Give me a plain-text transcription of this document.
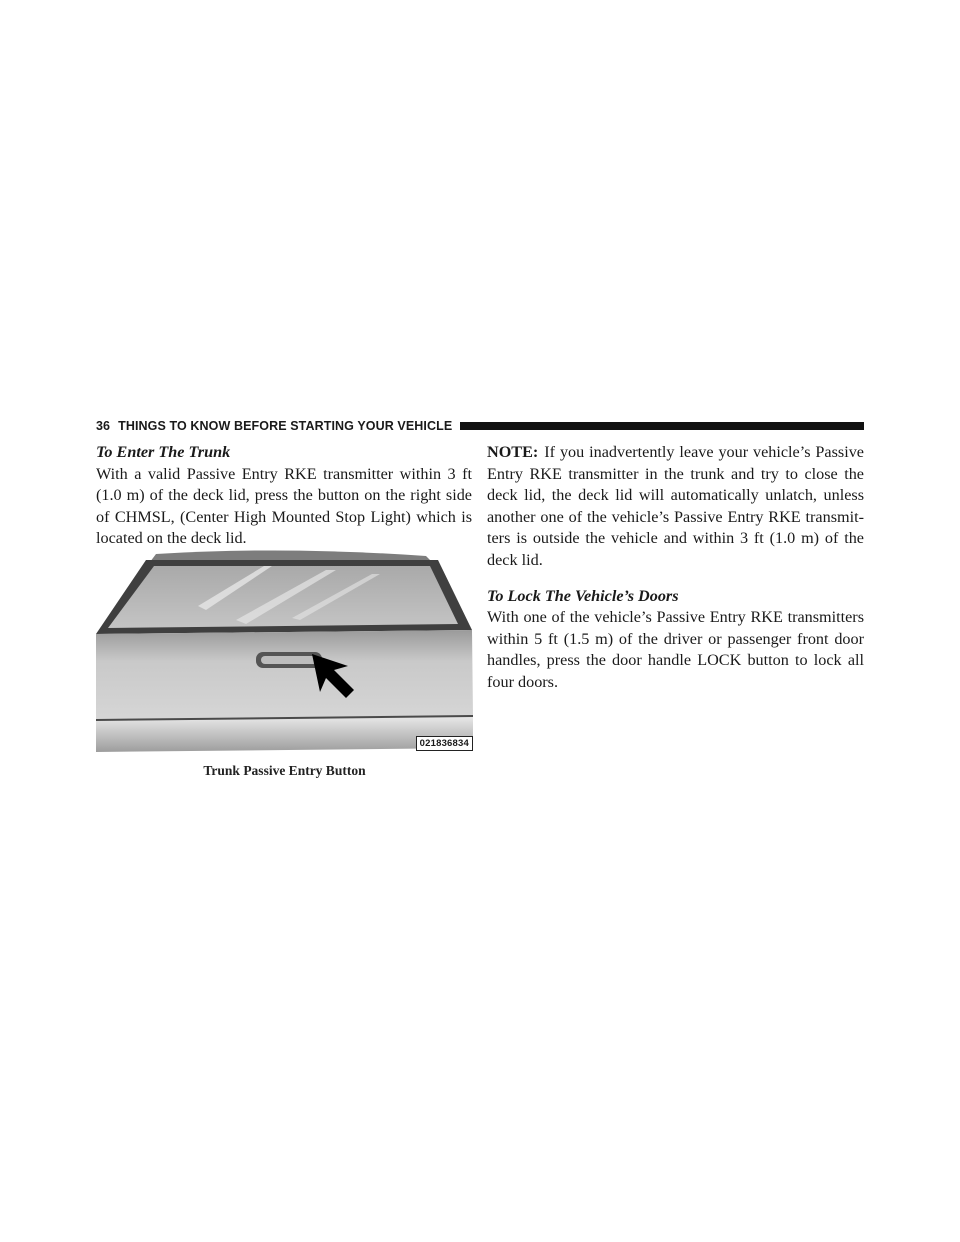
36 THINGS TO KNOW BEFORE STARTING YOUR VEHICLE

To Enter The Trunk

With a valid Passive Entry RKE transmitter within 3 ft (1.0 m) of the deck lid, press the button on the right side of CHMSL, (Center High Mounted Stop Light) which is located on the deck lid.

021836834
Trunk Passive Entry Button

NOTE: If you inadvertently leave your vehicle’s Passive Entry RKE transmitter in the trunk and try to close the deck lid, the deck lid will automatically unlatch, unless another one of the vehicle’s Passive Entry RKE transmit-ters is outside the vehicle and within 3 ft (1.0 m) of the deck lid.

To Lock The Vehicle’s Doors

With one of the vehicle’s Passive Entry RKE transmitters within 5 ft (1.5 m) of the driver or passenger front door handles, press the door handle LOCK button to lock all four doors.
